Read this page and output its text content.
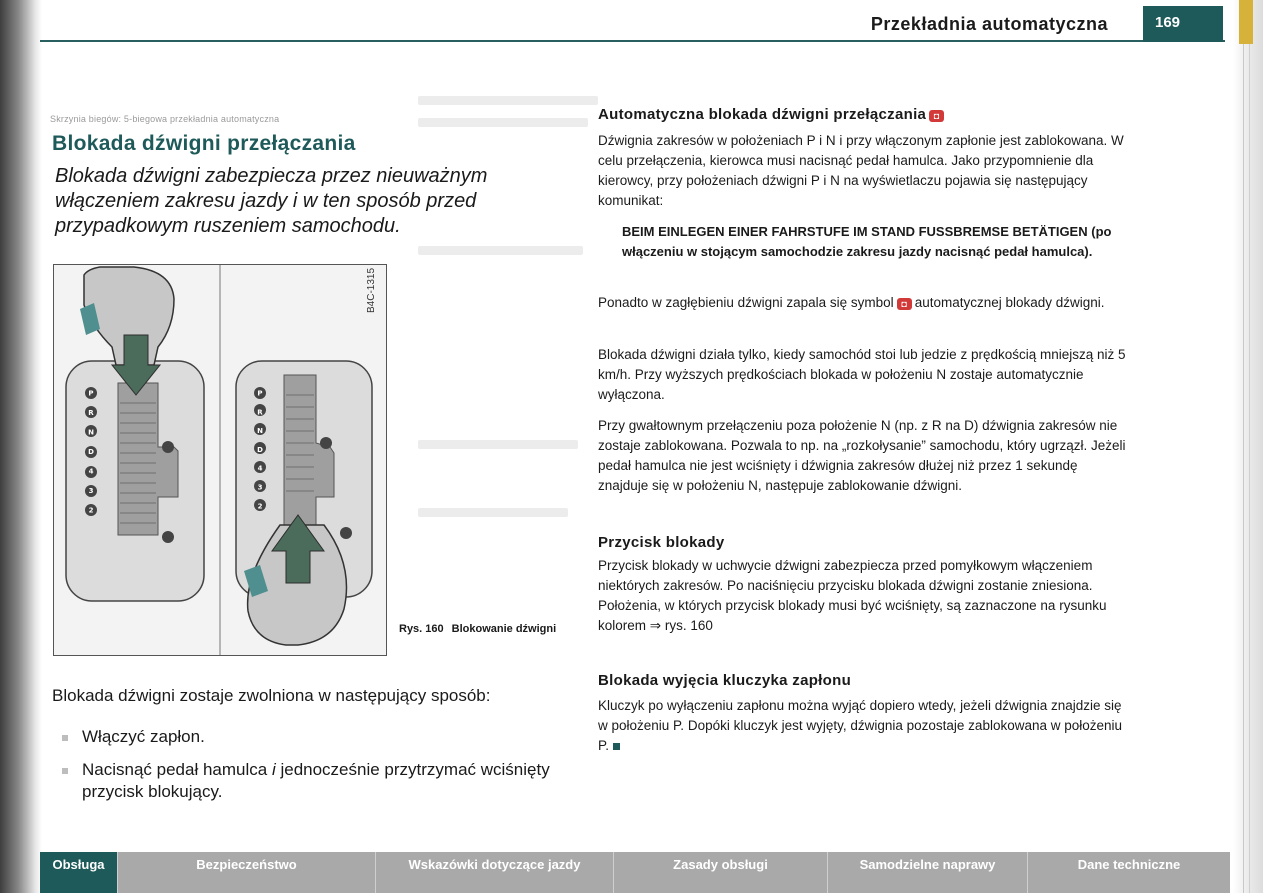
Przekładnia automatyczna	169
Skrzynia biegów: 5-biegowa przekładnia automatyczna
Blokada dźwigni przełączania
Blokada dźwigni zabezpiecza przez nieuważnym włączeniem zakresu jazdy i w ten sposób przed przypadkowym ruszeniem samochodu.
B4C-1315
P
R
N
D
4
3
2
P
R
N
D
4
3
2
Rys. 160 Blokowanie dźwigni
Blokada dźwigni zostaje zwolniona w następujący sposób:
Włączyć zapłon.
Nacisnąć pedał hamulca i jednocześnie przytrzymać wciśnięty przycisk blokujący.
Automatyczna blokada dźwigni przełączania ◘
Dźwignia zakresów w położeniach P i N i przy włączonym zapłonie jest zablokowana. W celu przełączenia, kierowca musi nacisnąć pedał hamulca. Jako przypomnienie dla kierowcy, przy położeniach dźwigni P i N na wyświetlaczu pojawia się następujący komunikat:
BEIM EINLEGEN EINER FAHRSTUFE IM STAND FUSSBREMSE BETÄTIGEN (po włączeniu w stojącym samochodzie zakresu jazdy nacisnąć pedał hamulca).
Ponadto w zagłębieniu dźwigni zapala się symbol ◘ automatycznej blokady dźwigni.
Blokada dźwigni działa tylko, kiedy samochód stoi lub jedzie z prędkością mniejszą niż 5 km/h. Przy wyższych prędkościach blokada w położeniu N zostaje automatycznie wyłączona.
Przy gwałtownym przełączeniu poza położenie N (np. z R na D) dźwignia zakresów nie zostaje zablokowana. Pozwala to np. na „rozkołysanie” samochodu, który ugrzązł. Jeżeli pedał hamulca nie jest wciśnięty i dźwignia zakresów dłużej niż przez 1 sekundę znajduje się w położeniu N, następuje zablokowanie dźwigni.
Przycisk blokady
Przycisk blokady w uchwycie dźwigni zabezpiecza przed pomyłkowym włączeniem niektórych zakresów. Po naciśnięciu przycisku blokada dźwigni zostanie zniesiona. Położenia, w których przycisk blokady musi być wciśnięty, są zaznaczone na rysunku kolorem ⇒ rys. 160
Blokada wyjęcia kluczyka zapłonu
Kluczyk po wyłączeniu zapłonu można wyjąć dopiero wtedy, jeżeli dźwignia znajdzie się w położeniu P. Dopóki kluczyk jest wyjęty, dźwignia pozostaje zablokowana w położeniu P.
Obsługa	Bezpieczeństwo	Wskazówki dotyczące jazdy	Zasady obsługi	Samodzielne naprawy	Dane techniczne
